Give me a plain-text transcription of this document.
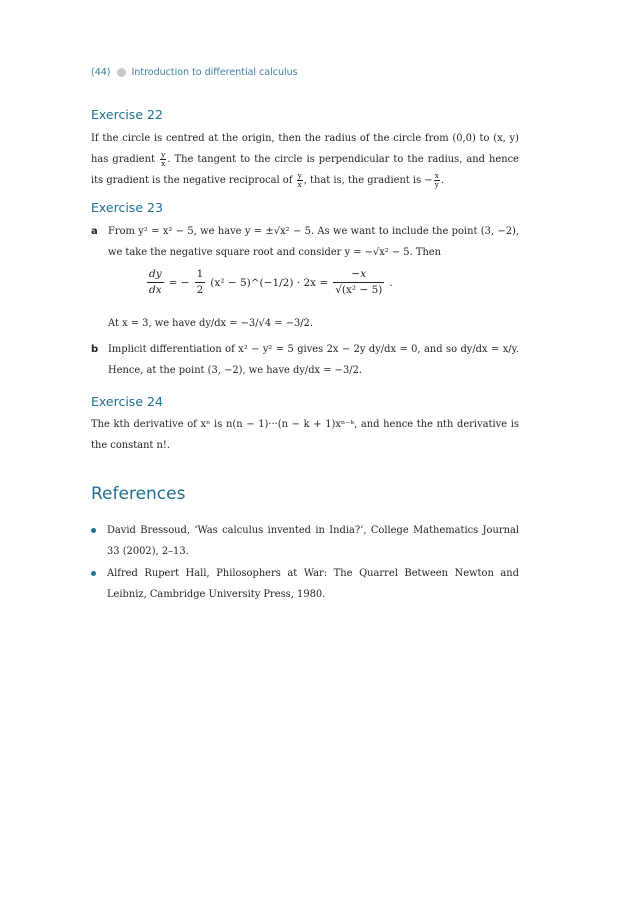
(44) Introduction to differential calculus
Exercise 22

If the circle is centred at the origin, then the radius of the circle from (0,0) to (x, y) has gradient $\frac{y}{x}$ . The tangent to the circle is perpendicular to the radius, and hence its gradient is the negative reciprocal of $\frac{y}{x}$ , that is, the gradient is − $\frac{x}{y}$ .

Exercise 23
a From y² = x² − 5, we have y = ±√x² − 5. As we want to include the point (3, −2), we take the negative square root and consider y = −√x² − 5. Then
$\frac{dy}{dx}$ = − $\frac{1}{2} (x^2$ − 5)^(−1/2) · $2x = \frac{-x}{\text{√(x² − 5)}}$ .
At x = 3, we have dy/dx = −3/√4 = −3/2.
b Implicit differentiation of x² − y² = 5 gives 2x − 2y dy/dx = 0, and so dy/dx = x/y. Hence, at the point (3, −2), we have dy/dx = −3/2.
Exercise 24

The kth derivative of xⁿ is n(n − 1)···(n − k + 1)xⁿ⁻ᵏ, and hence the nth derivative is the constant n!.

References
David Bressoud, ‘Was calculus invented in India?’, College Mathematics Journal 33 (2002), 2–13.
Alfred Rupert Hall, Philosophers at War: The Quarrel Between Newton and Leibniz, Cambridge University Press, 1980.
